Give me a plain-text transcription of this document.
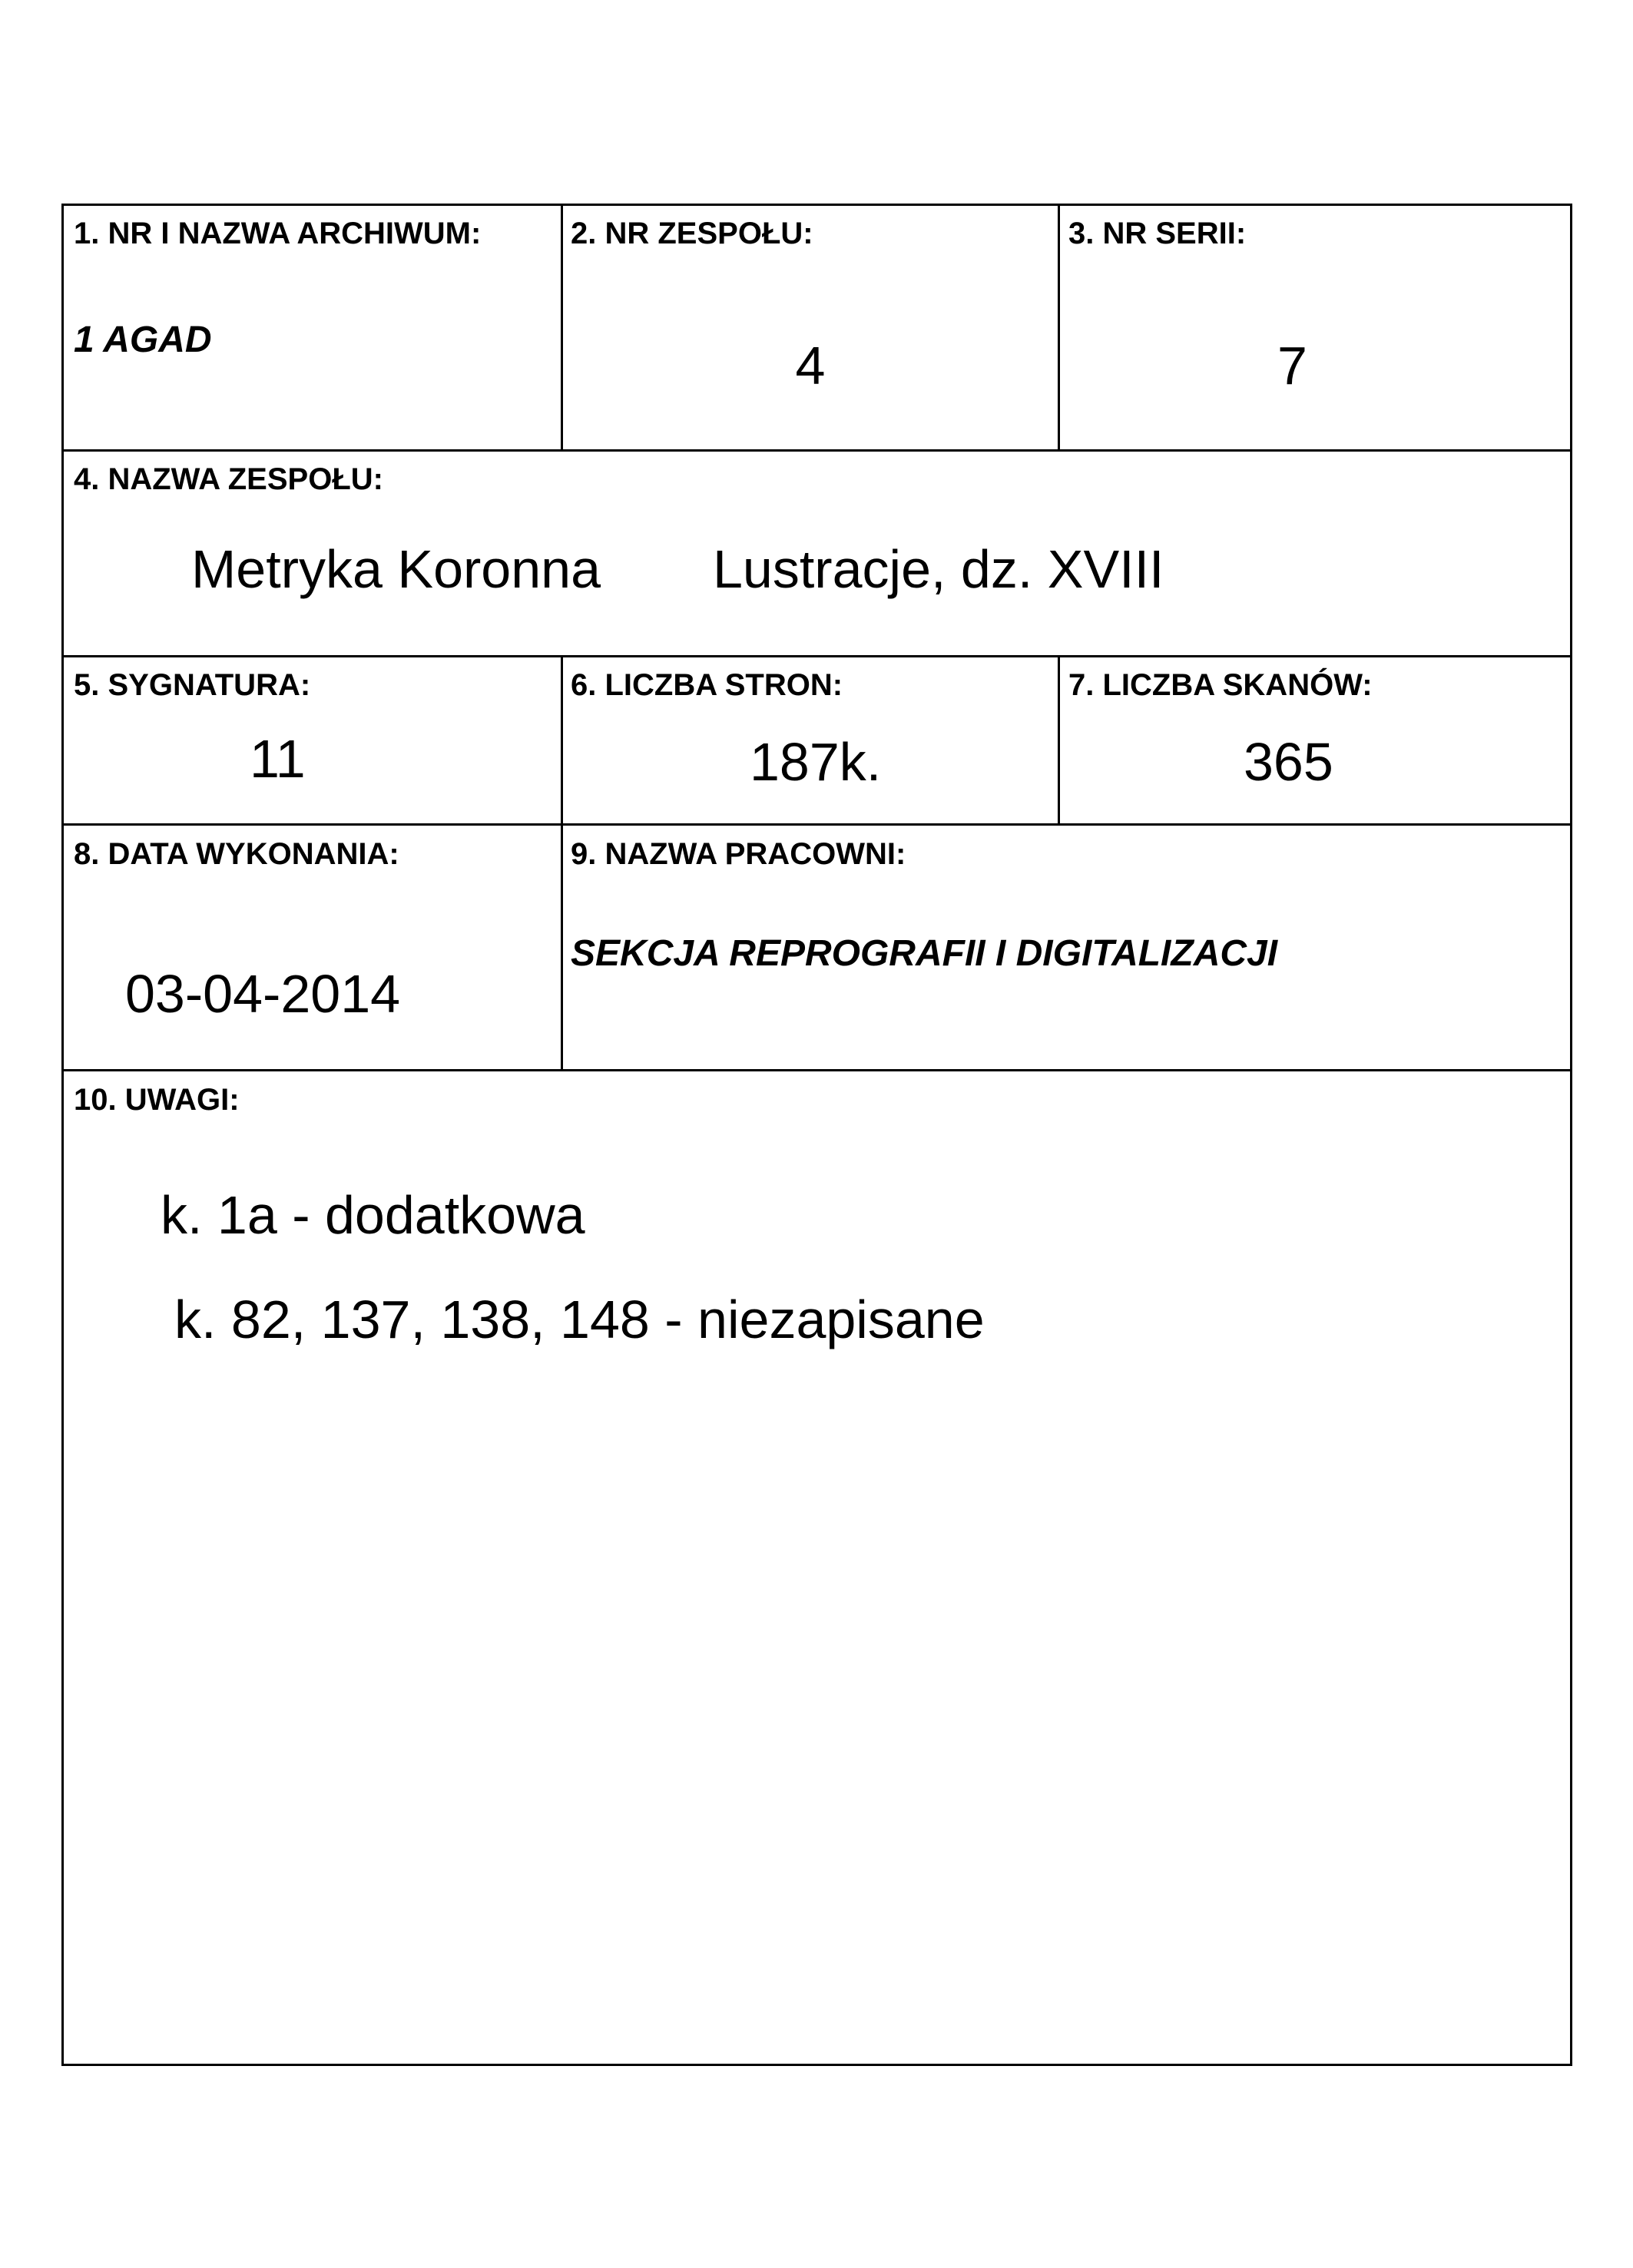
1. NR I NAZWA ARCHIWUM:
1 AGAD
2. NR ZESPOŁU:
4
3. NR SERII:
7
4. NAZWA ZESPOŁU:
Metryka Koronna Lustracje, dz. XVIII
5. SYGNATURA:
11
6. LICZBA STRON:
187k.
7. LICZBA SKANÓW:
365
8. DATA WYKONANIA:
03-04-2014
9. NAZWA PRACOWNI:
SEKCJA REPROGRAFII I DIGITALIZACJI
10. UWAGI:
k. 1a - dodatkowa
k. 82, 137, 138, 148 - niezapisane
